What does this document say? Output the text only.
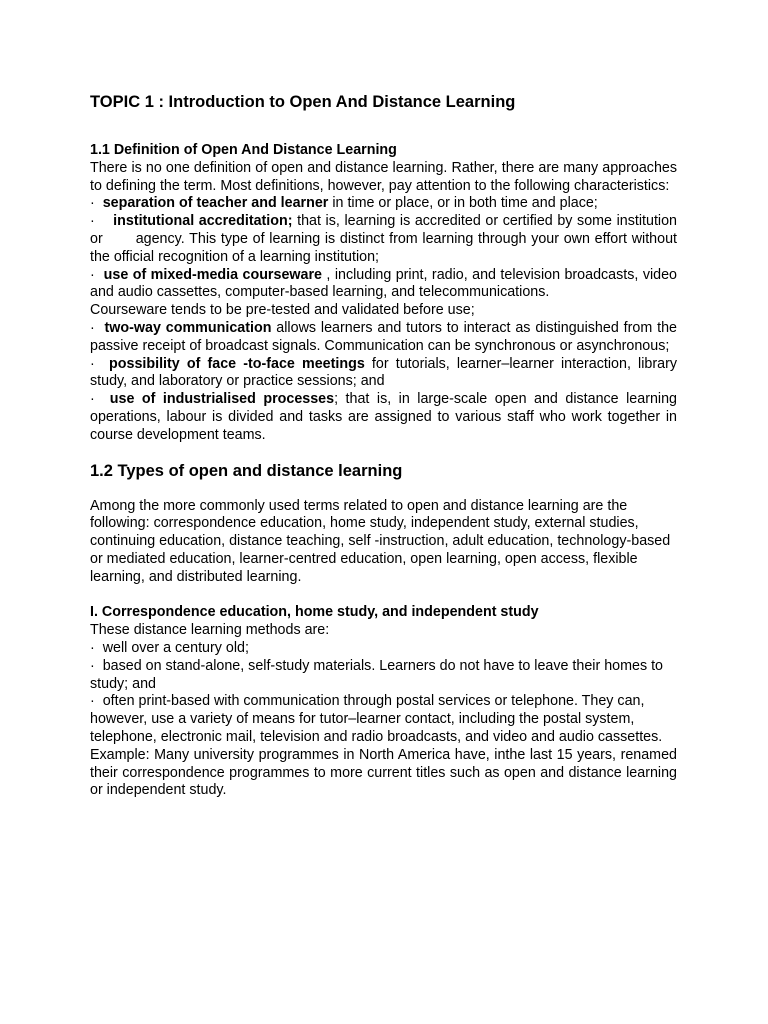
TOPIC 1 : Introduction to Open And Distance Learning
1.1 Definition of Open And Distance Learning

There is no one definition of open and distance learning. Rather, there are many approaches to defining the term. Most definitions, however, pay attention to the following characteristics:

· separation of teacher and learner in time or place, or in both time and place;

· institutional accreditation; that is, learning is accredited or certified by some institution or       agency. This type of learning is distinct from learning through your own effort without the official recognition of a learning institution;

· use of mixed-media courseware , including print, radio, and television broadcasts, video and audio cassettes, computer-based learning, and telecommunications.

Courseware tends to be pre-tested and validated before use;

· two-way communication allows learners and tutors to interact as distinguished from the passive receipt of broadcast signals. Communication can be synchronous or asynchronous;

· possibility of face -to-face meetings for tutorials, learner–learner interaction, library study, and laboratory or practice sessions; and

· use of industrialised processes; that is, in large-scale open and distance learning operations, labour is divided and tasks are assigned to various staff who work together in course development teams.

1.2 Types of open and distance learning

Among the more commonly used terms related to open and distance learning are the following: correspondence education, home study, independent study, external studies, continuing education, distance teaching, self -instruction, adult education, technology-based or mediated education, learner-centred education, open learning, open access, flexible learning, and distributed learning.

I. Correspondence education, home study, and independent study

These distance learning methods are:

· well over a century old;

· based on stand-alone, self-study materials. Learners do not have to leave their homes to study; and

· often print-based with communication through postal services or telephone. They can, however, use a variety of means for tutor–learner contact, including the postal system, telephone, electronic mail, television and radio broadcasts, and video and audio cassettes.

Example: Many university programmes in North America have, inthe last 15 years, renamed their correspondence programmes to more current titles such as open and distance learning or independent study.
